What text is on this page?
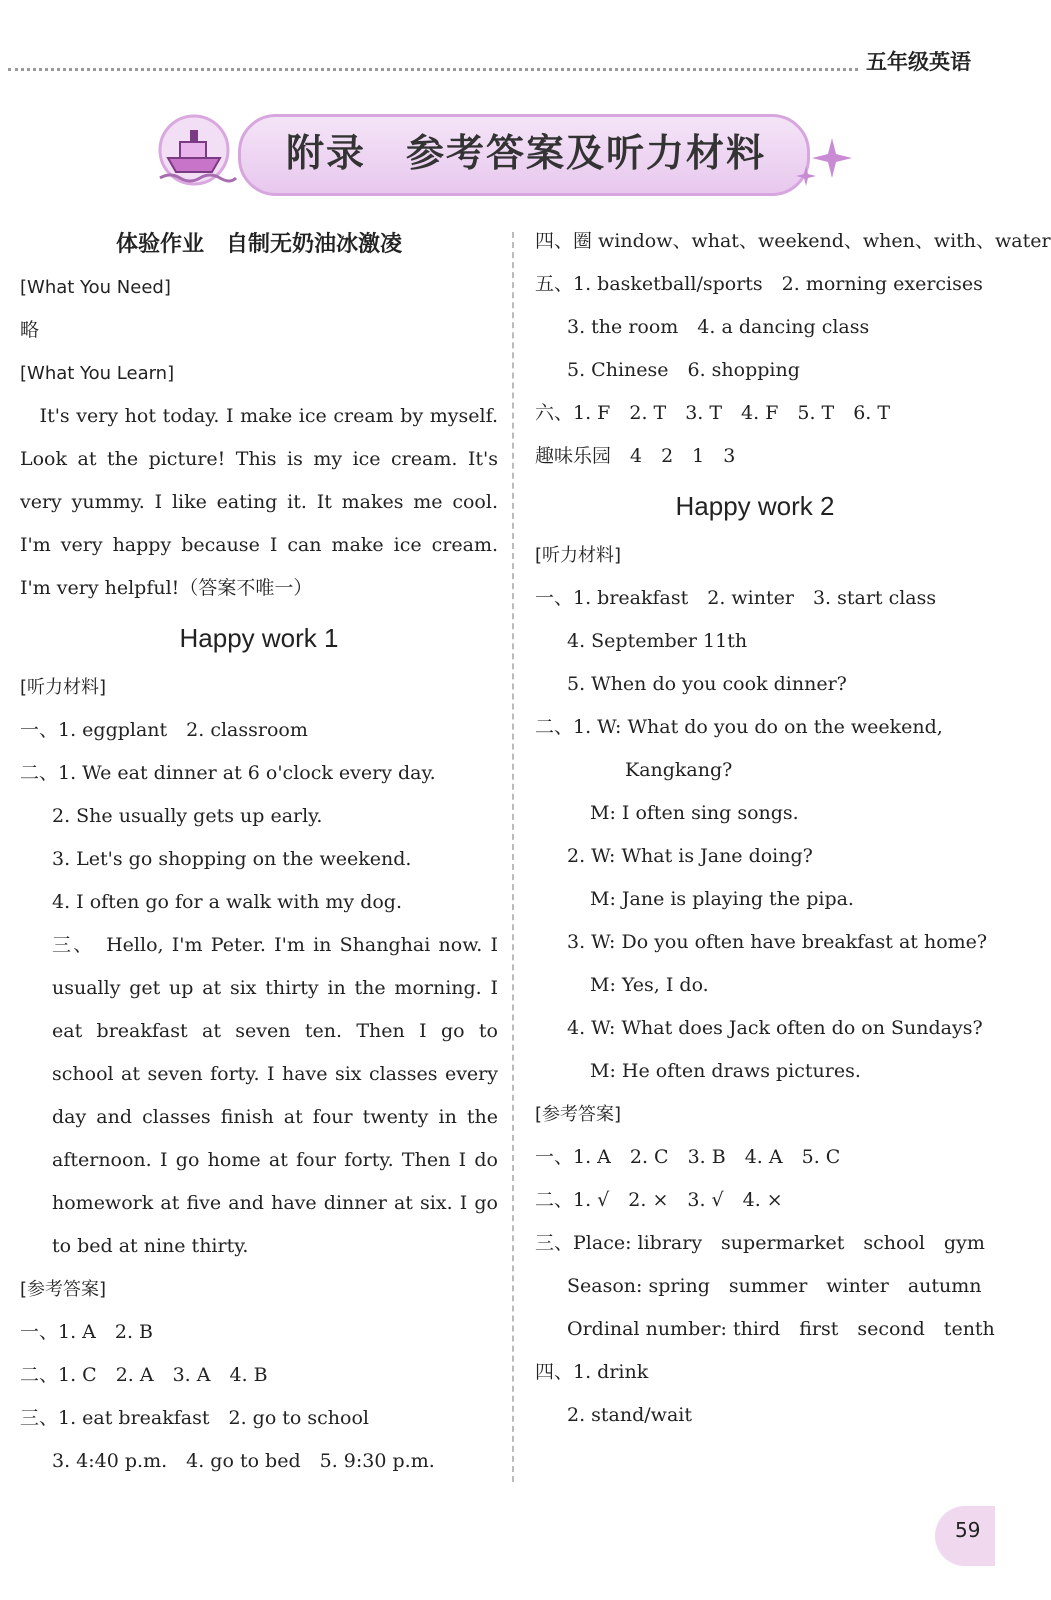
五年级英语
附录　参考答案及听力材料
体验作业　自制无奶油冰激凌
[What You Need]
略
[What You Learn]
　It's very hot today. I make ice cream by myself. Look at the picture! This is my ice cream. It's very yummy. I like eating it. It makes me cool. I'm very happy because I can make ice cream. I'm very helpful!（答案不唯一）
Happy work 1
[听力材料]
一、1. eggplant　2. classroom
二、1. We eat dinner at 6 o'clock every day.
2. She usually gets up early.
3. Let's go shopping on the weekend.
4. I often go for a walk with my dog.
三、　Hello, I'm Peter. I'm in Shanghai now. I usually get up at six thirty in the morning. I eat breakfast at seven ten. Then I go to school at seven forty. I have six classes every day and classes finish at four twenty in the afternoon. I go home at four forty. Then I do homework at five and have dinner at six. I go to bed at nine thirty.
[参考答案]
一、1. A　2. B
二、1. C　2. A　3. A　4. B
三、1. eat breakfast　2. go to school
3. 4:40 p.m.　4. go to bed　5. 9:30 p.m.
四、圈 window、what、weekend、when、with、water
五、1. basketball/sports　2. morning exercises
3. the room　4. a dancing class
5. Chinese　6. shopping
六、1. F　2. T　3. T　4. F　5. T　6. T
趣味乐园　4　2　1　3
Happy work 2
[听力材料]
一、1. breakfast　2. winter　3. start class
4. September 11th
5. When do you cook dinner?
二、1. W: What do you do on the weekend,
Kangkang?
M: I often sing songs.
2. W: What is Jane doing?
M: Jane is playing the pipa.
3. W: Do you often have breakfast at home?
M: Yes, I do.
4. W: What does Jack often do on Sundays?
M: He often draws pictures.
[参考答案]
一、1. A　2. C　3. B　4. A　5. C
二、1. √　2. ×　3. √　4. ×
三、Place: library　supermarket　school　gym
Season: spring　summer　winter　autumn
Ordinal number: third　first　second　tenth
四、1. drink
2. stand/wait
59
